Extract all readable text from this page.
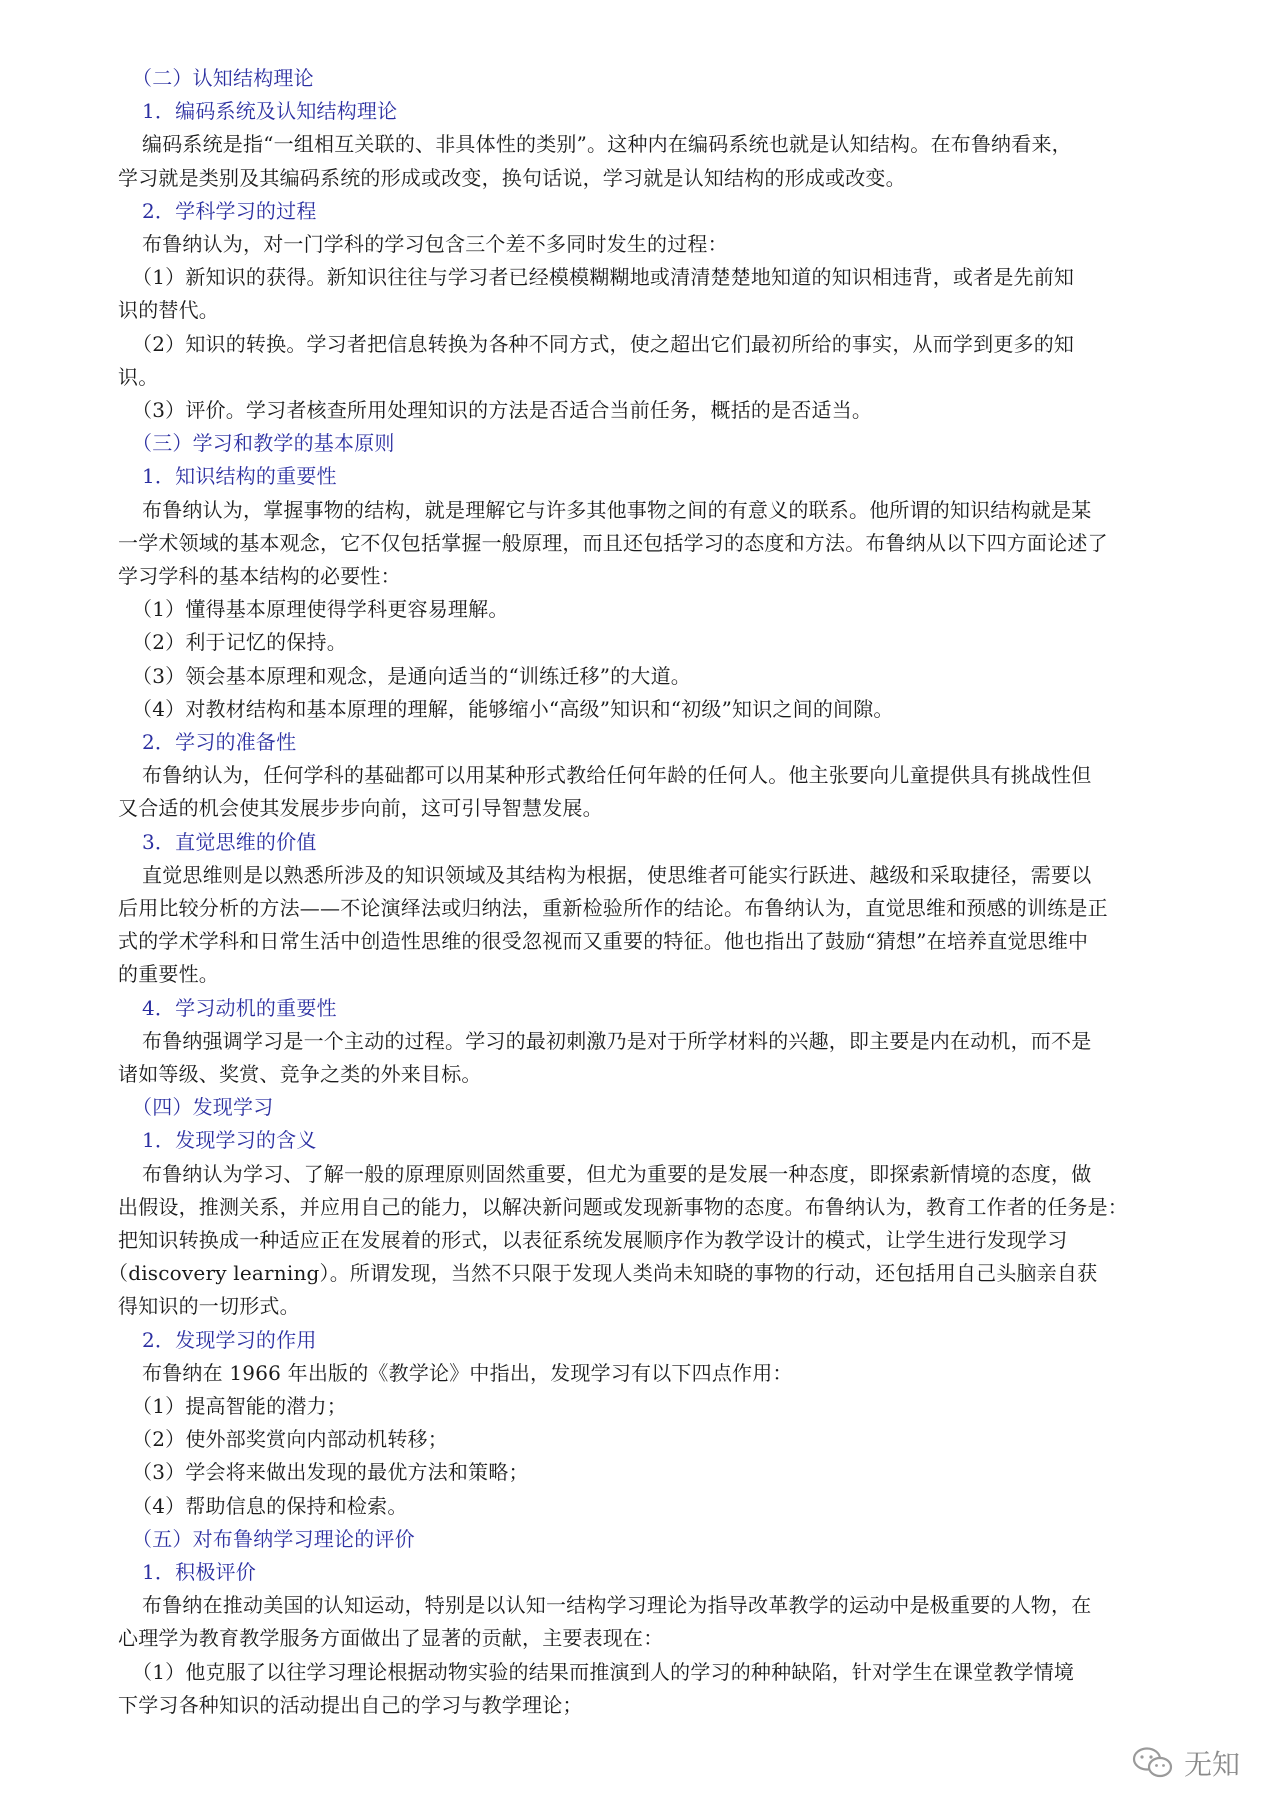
（二）认知结构理论
1．编码系统及认知结构理论
编码系统是指“一组相互关联的、非具体性的类别”。这种内在编码系统也就是认知结构。在布鲁纳看来，
学习就是类别及其编码系统的形成或改变，换句话说，学习就是认知结构的形成或改变。
2．学科学习的过程
布鲁纳认为，对一门学科的学习包含三个差不多同时发生的过程：
（1）新知识的获得。新知识往往与学习者已经模模糊糊地或清清楚楚地知道的知识相违背，或者是先前知
识的替代。
（2）知识的转换。学习者把信息转换为各种不同方式，使之超出它们最初所给的事实，从而学到更多的知
识。
（3）评价。学习者核查所用处理知识的方法是否适合当前任务，概括的是否适当。
（三）学习和教学的基本原则
1．知识结构的重要性
布鲁纳认为，掌握事物的结构，就是理解它与许多其他事物之间的有意义的联系。他所谓的知识结构就是某
一学术领域的基本观念，它不仅包括掌握一般原理，而且还包括学习的态度和方法。布鲁纳从以下四方面论述了
学习学科的基本结构的必要性：
（1）懂得基本原理使得学科更容易理解。
（2）利于记忆的保持。
（3）领会基本原理和观念，是通向适当的“训练迁移”的大道。
（4）对教材结构和基本原理的理解，能够缩小“高级”知识和“初级”知识之间的间隙。
2．学习的准备性
布鲁纳认为，任何学科的基础都可以用某种形式教给任何年龄的任何人。他主张要向儿童提供具有挑战性但
又合适的机会使其发展步步向前，这可引导智慧发展。
3．直觉思维的价值
直觉思维则是以熟悉所涉及的知识领域及其结构为根据，使思维者可能实行跃进、越级和采取捷径，需要以
后用比较分析的方法——不论演绎法或归纳法，重新检验所作的结论。布鲁纳认为，直觉思维和预感的训练是正
式的学术学科和日常生活中创造性思维的很受忽视而又重要的特征。他也指出了鼓励“猜想”在培养直觉思维中
的重要性。
4．学习动机的重要性
布鲁纳强调学习是一个主动的过程。学习的最初刺激乃是对于所学材料的兴趣，即主要是内在动机，而不是
诸如等级、奖赏、竞争之类的外来目标。
（四）发现学习
1．发现学习的含义
布鲁纳认为学习、了解一般的原理原则固然重要，但尤为重要的是发展一种态度，即探索新情境的态度，做
出假设，推测关系，并应用自己的能力，以解决新问题或发现新事物的态度。布鲁纳认为，教育工作者的任务是：
把知识转换成一种适应正在发展着的形式，以表征系统发展顺序作为教学设计的模式，让学生进行发现学习
（discovery learning）。所谓发现，当然不只限于发现人类尚未知晓的事物的行动，还包括用自己头脑亲自获
得知识的一切形式。
2．发现学习的作用
布鲁纳在 1966 年出版的《教学论》中指出，发现学习有以下四点作用：
（1）提高智能的潜力；
（2）使外部奖赏向内部动机转移；
（3）学会将来做出发现的最优方法和策略；
（4）帮助信息的保持和检索。
（五）对布鲁纳学习理论的评价
1．积极评价
布鲁纳在推动美国的认知运动，特别是以认知一结构学习理论为指导改革教学的运动中是极重要的人物，在
心理学为教育教学服务方面做出了显著的贡献，主要表现在：
（1）他克服了以往学习理论根据动物实验的结果而推演到人的学习的种种缺陷，针对学生在课堂教学情境
下学习各种知识的活动提出自己的学习与教学理论；
无知
